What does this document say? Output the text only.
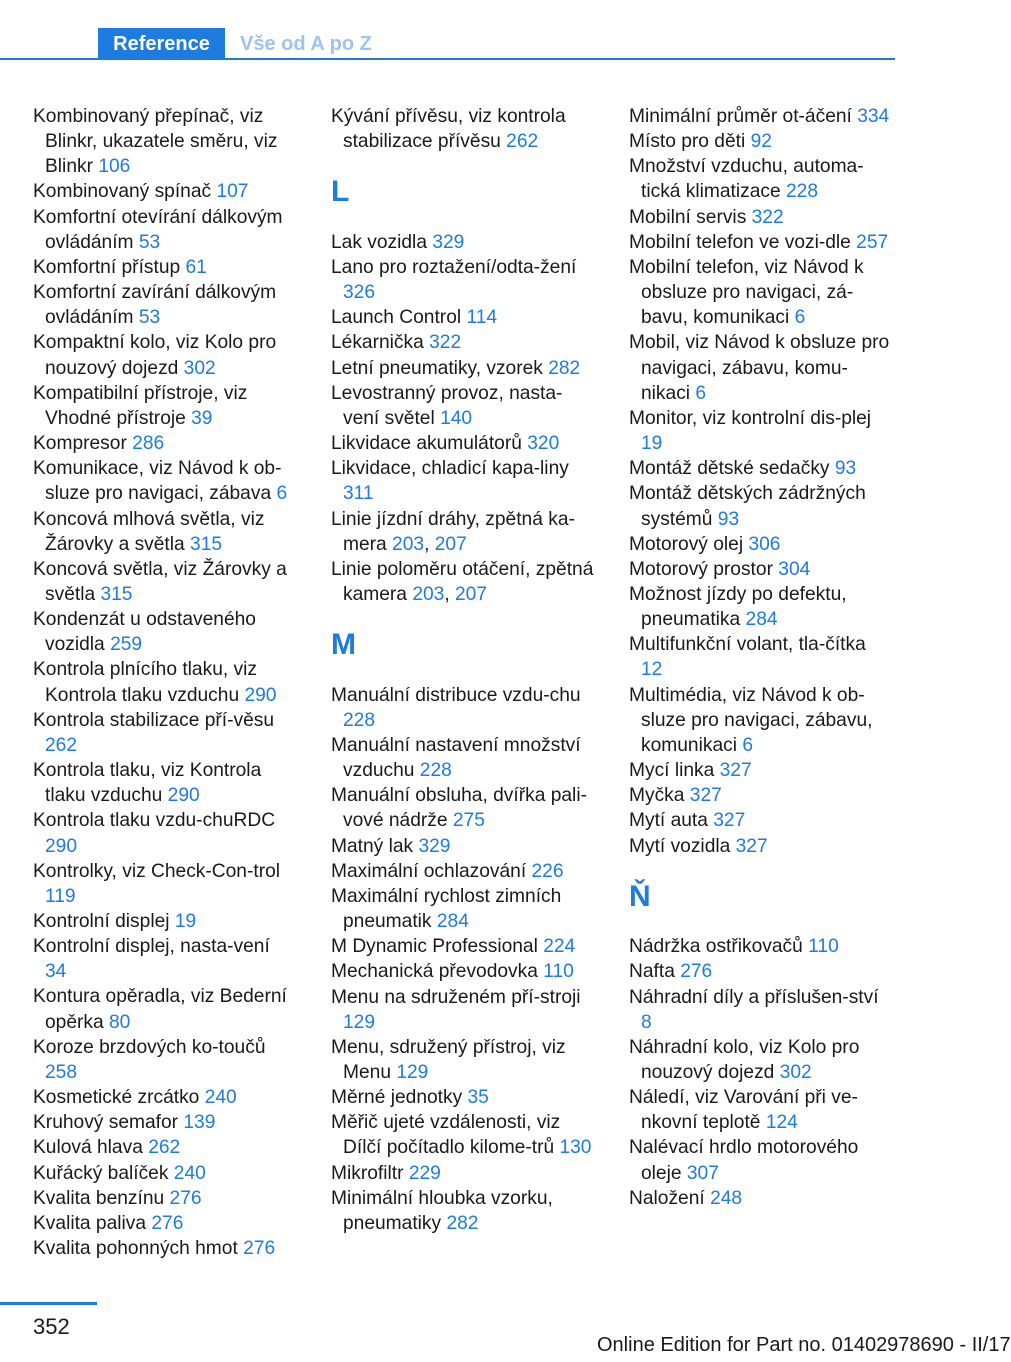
Reference	Vše od A po Z
Kombinovaný přepínač, viz Blinkr, ukazatele směru, viz Blinkr 106
Kombinovaný spínač 107
Komfortní otevírání dálkovým ovládáním 53
Komfortní přístup 61
Komfortní zavírání dálkovým ovládáním 53
Kompaktní kolo, viz Kolo pro nouzový dojezd 302
Kompatibilní přístroje, viz Vhodné přístroje 39
Kompresor 286
Komunikace, viz Návod k ob‐sluze pro navigaci, zábava 6
Koncová mlhová světla, viz Žárovky a světla 315
Koncová světla, viz Žárovky a světla 315
Kondenzát u odstaveného vozidla 259
Kontrola plnícího tlaku, viz Kontrola tlaku vzduchu 290
Kontrola stabilizace pří‐věsu 262
Kontrola tlaku, viz Kontrola tlaku vzduchu 290
Kontrola tlaku vzdu‐chuRDC 290
Kontrolky, viz Check-Con‐trol 119
Kontrolní displej 19
Kontrolní displej, nasta‐vení 34
Kontura opěradla, viz Bederní opěrka 80
Koroze brzdových ko‐toučů 258
Kosmetické zrcátko 240
Kruhový semafor 139
Kulová hlava 262
Kuřácký balíček 240
Kvalita benzínu 276
Kvalita paliva 276
Kvalita pohonných hmot 276
Kývání přívěsu, viz kontrola stabilizace přívěsu 262
L
Lak vozidla 329
Lano pro roztažení/odta‐žení 326
Launch Control 114
Lékarnička 322
Letní pneumatiky, vzorek 282
Levostranný provoz, nasta‐vení světel 140
Likvidace akumulátorů 320
Likvidace, chladicí kapa‐liny 311
Linie jízdní dráhy, zpětná ka‐mera 203, 207
Linie poloměru otáčení, zpětná kamera 203, 207
M
Manuální distribuce vzdu‐chu 228
Manuální nastavení množství vzduchu 228
Manuální obsluha, dvířka pali‐vové nádrže 275
Matný lak 329
Maximální ochlazování 226
Maximální rychlost zimních pneumatik 284
M Dynamic Professional 224
Mechanická převodovka 110
Menu na sdruženém pří‐stroji 129
Menu, sdružený přístroj, viz Menu 129
Měrné jednotky 35
Měřič ujeté vzdálenosti, viz Dílčí počítadlo kilome‐trů 130
Mikrofiltr 229
Minimální hloubka vzorku, pneumatiky 282
Minimální průměr ot‐áčení 334
Místo pro děti 92
Množství vzduchu, automa‐tická klimatizace 228
Mobilní servis 322
Mobilní telefon ve vozi‐dle 257
Mobilní telefon, viz Návod k obsluze pro navigaci, zá‐bavu, komunikaci 6
Mobil, viz Návod k obsluze pro navigaci, zábavu, komu‐nikaci 6
Monitor, viz kontrolní dis‐plej 19
Montáž dětské sedačky 93
Montáž dětských zádržných systémů 93
Motorový olej 306
Motorový prostor 304
Možnost jízdy po defektu, pneumatika 284
Multifunkční volant, tla‐čítka 12
Multimédia, viz Návod k ob‐sluze pro navigaci, zábavu, komunikaci 6
Mycí linka 327
Myčka 327
Mytí auta 327
Mytí vozidla 327
Ň
Nádržka ostřikovačů 110
Nafta 276
Náhradní díly a příslušen‐ství 8
Náhradní kolo, viz Kolo pro nouzový dojezd 302
Náledí, viz Varování při ve‐nkovní teplotě 124
Nalévací hrdlo motorového oleje 307
Naložení 248
352
Online Edition for Part no. 01402978690 - II/17
